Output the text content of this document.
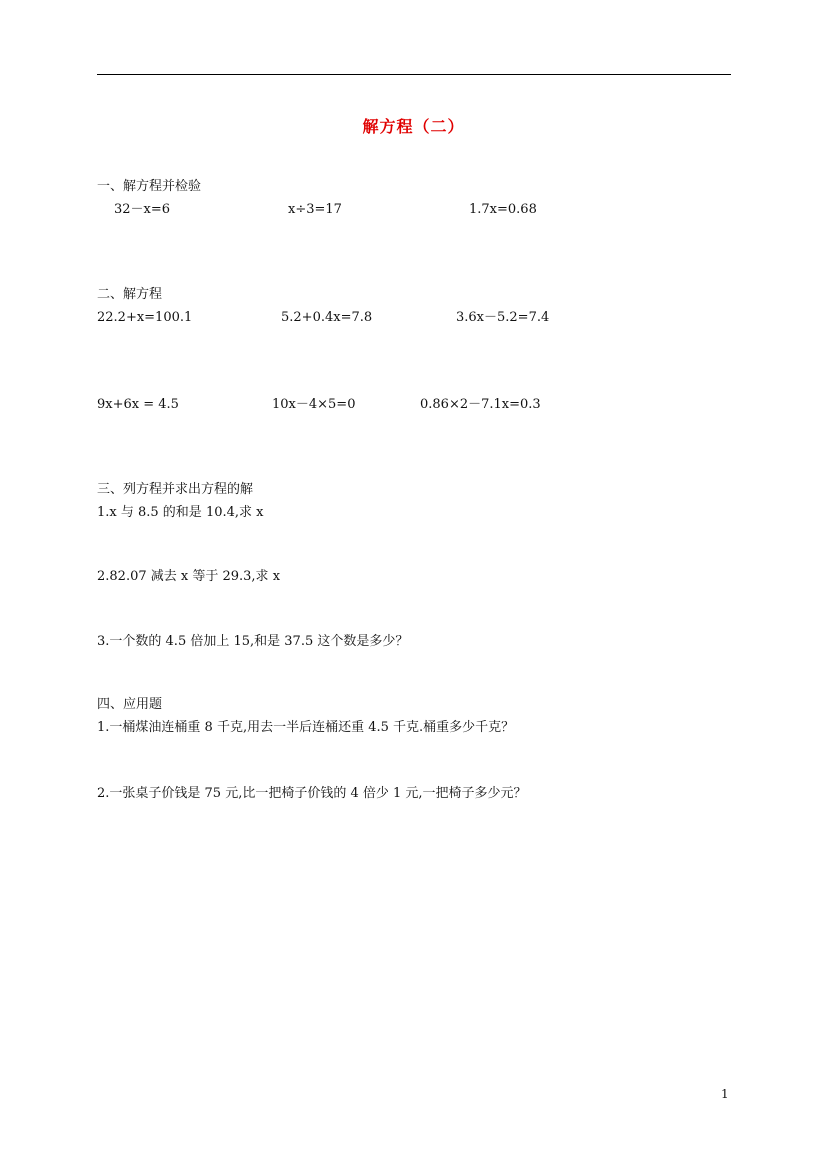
解方程（二）
一、解方程并检验
32－x=6	x÷3=17	1.7x=0.68
二、解方程
22.2+x=100.1	5.2+0.4x=7.8	3.6x－5.2=7.4
9x+6x = 4.5	10x－4×5=0	0.86×2－7.1x=0.3
三、列方程并求出方程的解
1.x 与 8.5 的和是 10.4,求 x
2.82.07 减去 x 等于 29.3,求 x
3.一个数的 4.5 倍加上 15,和是 37.5 这个数是多少？
四、应用题
1.一桶煤油连桶重 8 千克,用去一半后连桶还重 4.5 千克.桶重多少千克？
2.一张桌子价钱是 75 元,比一把椅子价钱的 4 倍少 1 元,一把椅子多少元？
1
